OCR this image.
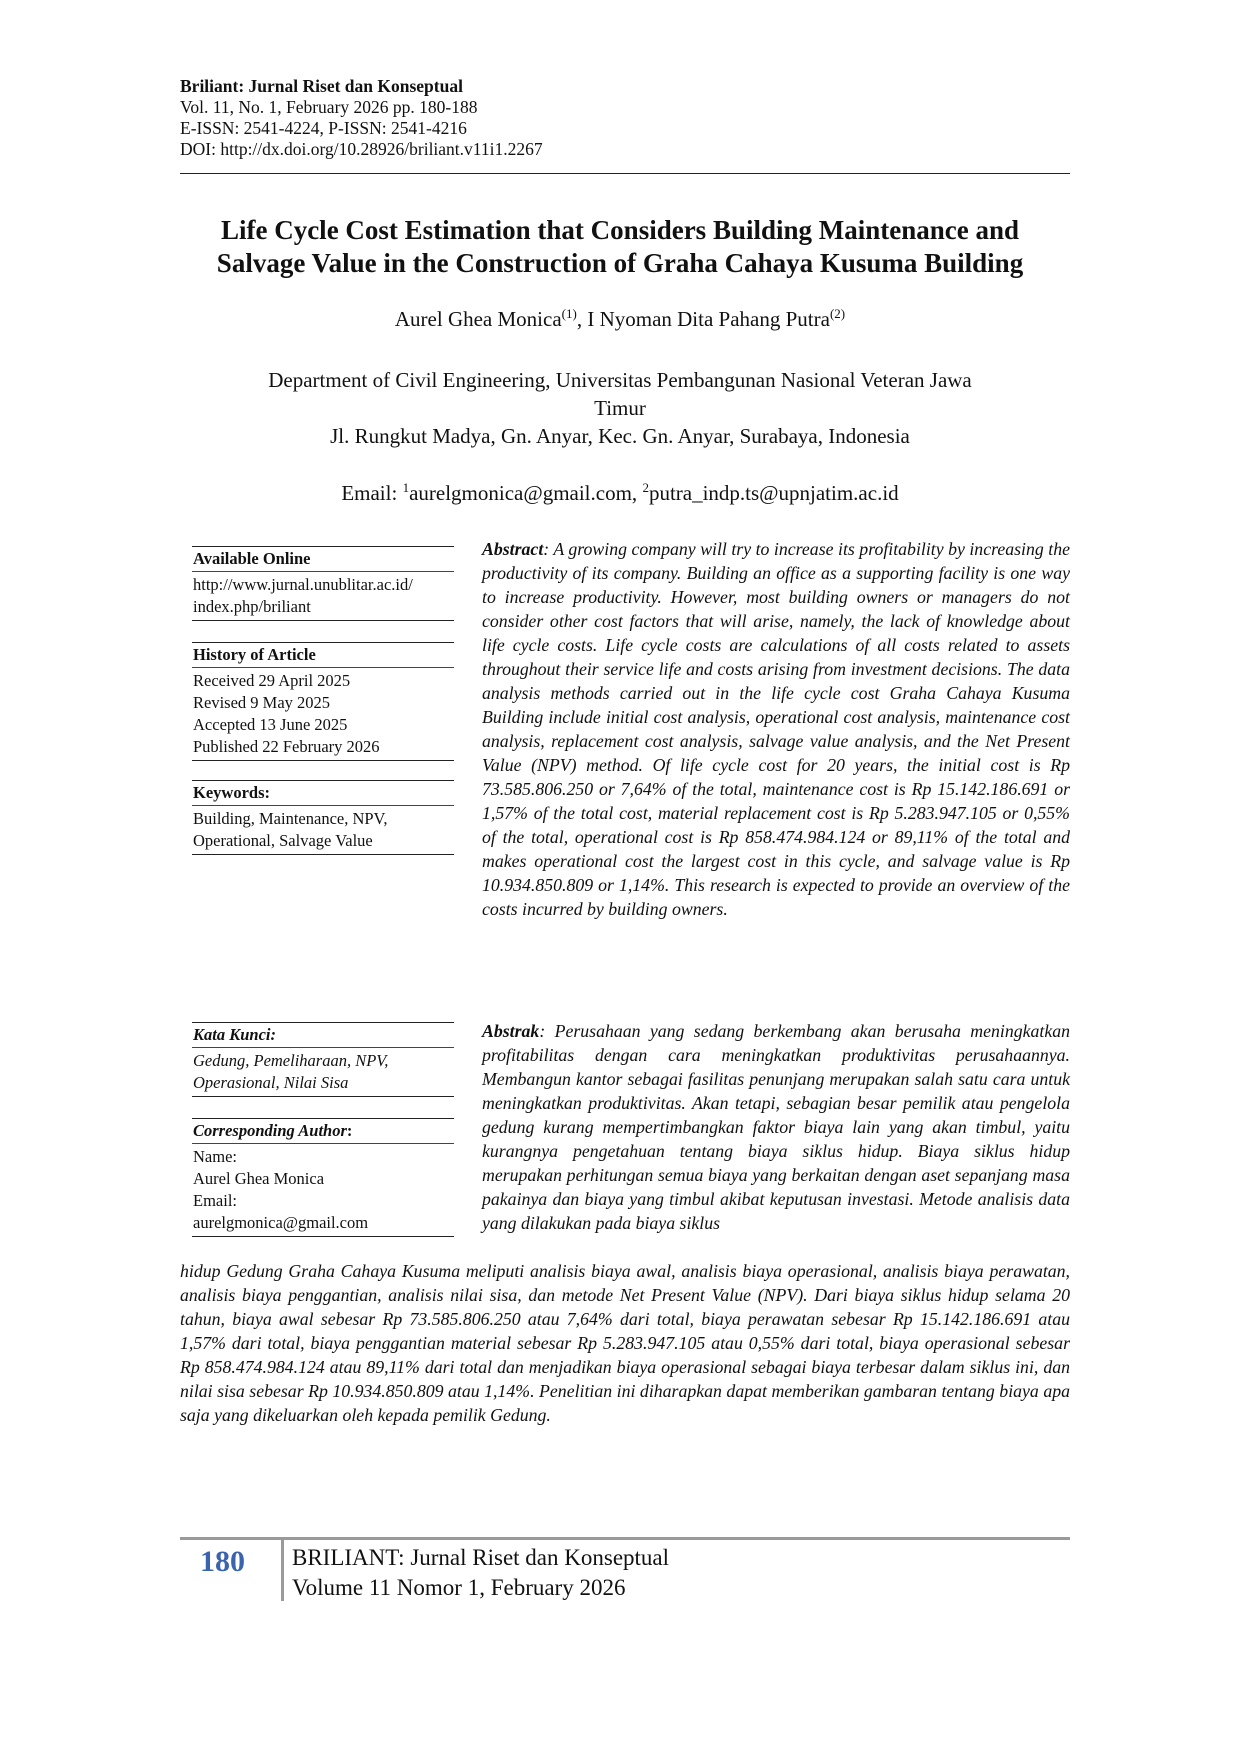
Briliant: Jurnal Riset dan Konseptual
Vol. 11, No. 1, February 2026 pp. 180-188
E-ISSN: 2541-4224, P-ISSN: 2541-4216
DOI: http://dx.doi.org/10.28926/briliant.v11i1.2267
Life Cycle Cost Estimation that Considers Building Maintenance and
Salvage Value in the Construction of Graha Cahaya Kusuma Building
Aurel Ghea Monica$^{(1)}$, I Nyoman Dita Pahang Putra$^{(2)}$
Department of Civil Engineering, Universitas Pembangunan Nasional Veteran Jawa
Timur
Jl. Rungkut Madya, Gn. Anyar, Kec. Gn. Anyar, Surabaya, Indonesia
Email: $^1$aurelgmonica@gmail.com, $^2$putra_indp.ts@upnjatim.ac.id
Available Online
http://www.jurnal.unublitar.ac.id/
index.php/briliant
History of Article
Received 29 April 2025
Revised 9 May 2025
Accepted 13 June 2025
Published 22 February 2026
Keywords:
Building, Maintenance, NPV,
Operational, Salvage Value
Kata Kunci:
Gedung, Pemeliharaan, NPV,
Operasional, Nilai Sisa
Corresponding Author:
Name:
Aurel Ghea Monica
Email:
aurelgmonica@gmail.com
Abstract: A growing company will try to increase its profitability by increasing the productivity of its company. Building an office as a supporting facility is one way to increase productivity. However, most building owners or managers do not consider other cost factors that will arise, namely, the lack of knowledge about life cycle costs. Life cycle costs are calculations of all costs related to assets throughout their service life and costs arising from investment decisions. The data analysis methods carried out in the life cycle cost Graha Cahaya Kusuma Building include initial cost analysis, operational cost analysis, maintenance cost analysis, replacement cost analysis, salvage value analysis, and the Net Present Value (NPV) method. Of life cycle cost for 20 years, the initial cost is Rp 73.585.806.250 or 7,64% of the total, maintenance cost is Rp 15.142.186.691 or 1,57% of the total cost, material replacement cost is Rp 5.283.947.105 or 0,55% of the total, operational cost is Rp 858.474.984.124 or 89,11% of the total and makes operational cost the largest cost in this cycle, and salvage value is Rp 10.934.850.809 or 1,14%. This research is expected to provide an overview of the costs incurred by building owners.
Abstrak: Perusahaan yang sedang berkembang akan berusaha meningkatkan profitabilitas dengan cara meningkatkan produktivitas perusahaannya. Membangun kantor sebagai fasilitas penunjang merupakan salah satu cara untuk meningkatkan produktivitas. Akan tetapi, sebagian besar pemilik atau pengelola gedung kurang mempertimbangkan faktor biaya lain yang akan timbul, yaitu kurangnya pengetahuan tentang biaya siklus hidup. Biaya siklus hidup merupakan perhitungan semua biaya yang berkaitan dengan aset sepanjang masa pakainya dan biaya yang timbul akibat keputusan investasi. Metode analisis data yang dilakukan pada biaya siklus
hidup Gedung Graha Cahaya Kusuma meliputi analisis biaya awal, analisis biaya operasional, analisis biaya perawatan, analisis biaya penggantian, analisis nilai sisa, dan metode Net Present Value (NPV). Dari biaya siklus hidup selama 20 tahun, biaya awal sebesar Rp 73.585.806.250 atau 7,64% dari total, biaya perawatan sebesar Rp 15.142.186.691 atau 1,57% dari total, biaya penggantian material sebesar Rp 5.283.947.105 atau 0,55% dari total, biaya operasional sebesar Rp 858.474.984.124 atau 89,11% dari total dan menjadikan biaya operasional sebagai biaya terbesar dalam siklus ini, dan nilai sisa sebesar Rp 10.934.850.809 atau 1,14%. Penelitian ini diharapkan dapat memberikan gambaran tentang biaya apa saja yang dikeluarkan oleh kepada pemilik Gedung.
180	BRILIANT: Jurnal Riset dan Konseptual
Volume 11 Nomor 1, February 2026
